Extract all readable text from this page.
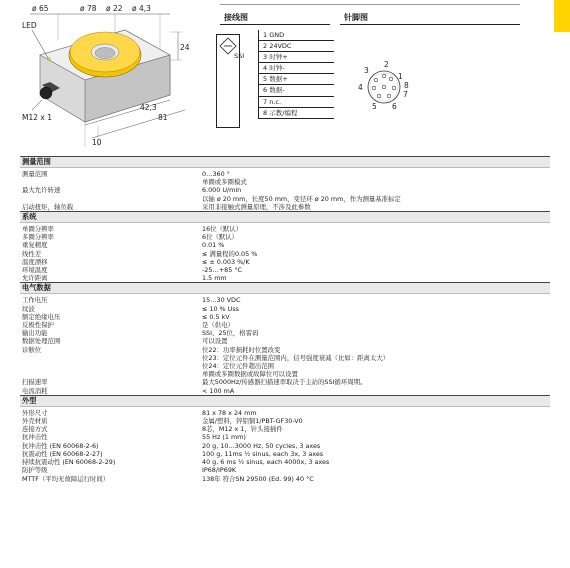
ø 65	ø 78 ø 22 ø 4,3
LED
24
42,3
81
10
M12 x 1
接线图	针脚图
SSI
1 GND
2 24VDC
3 时钟+
4 时钟-
5 数据+
6 数据-
7 n.c.
8 示教/编程
1
2
3
4
5 6
7
8
测量范围
测量范围	0…360 °
单圈或多圈模式
最大允许转速	6.000 U/min
以轴 ø 20 mm，长度50 mm，变径环 ø 20 mm，作为测量基准标定
启动扭矩，轴负载	采用非接触式测量原理，不涉及此参数
系统
单圈分辨率	16位（默认）
多圈分辨率	6位（默认）
重复精度	0.01 %
线性差	≤ 满量程的0.05 %
温度漂移	≤ ± 0.003 %/K
环境温度	-25…+85 °C
允许距离	1.5 mm
电气数据
工作电压	15…30 VDC
纹波	≤ 10 % Uss
额定绝缘电压	≤ 0.5 kV
反极性保护	是（供电）
输出功能	SSI、25位，格雷码
数据处理范围	可以设置
诊断位	位22：功率损耗时位置改变
位23：定位元件在测量范围内，信号强度衰减（比如：距离太大）
位24：定位元件超出范围
单圈或多圈数据或故障位可以设置
扫描速率	最大5000Hz/传感器扫描速率取决于主站的SSI循环周期。
电流消耗	< 100 mA
外型
外形尺寸	81 x 78 x 24 mm
外壳材质	金属/塑料，锌铝铜1/PBT-GF30-V0
连接方式	8芯，M12 x 1，针头接插件
抗冲击性	55 Hz (1 mm)
抗冲击性 (EN 60068-2-6)	20 g, 10…3000 Hz, 50 cycles, 3 axes
抗震动性 (EN 60068-2-27)	100 g, 11ms ½ sinus, each 3x, 3 axes
持续抗震动性 (EN 60068-2-29)	40 g, 6 ms ½ sinus, each 4000x, 3 axes
防护等级	IP68/IP69K
MTTF（平均无故障运行时间）	138年 符合SN 29500 (Ed. 99) 40 °C
